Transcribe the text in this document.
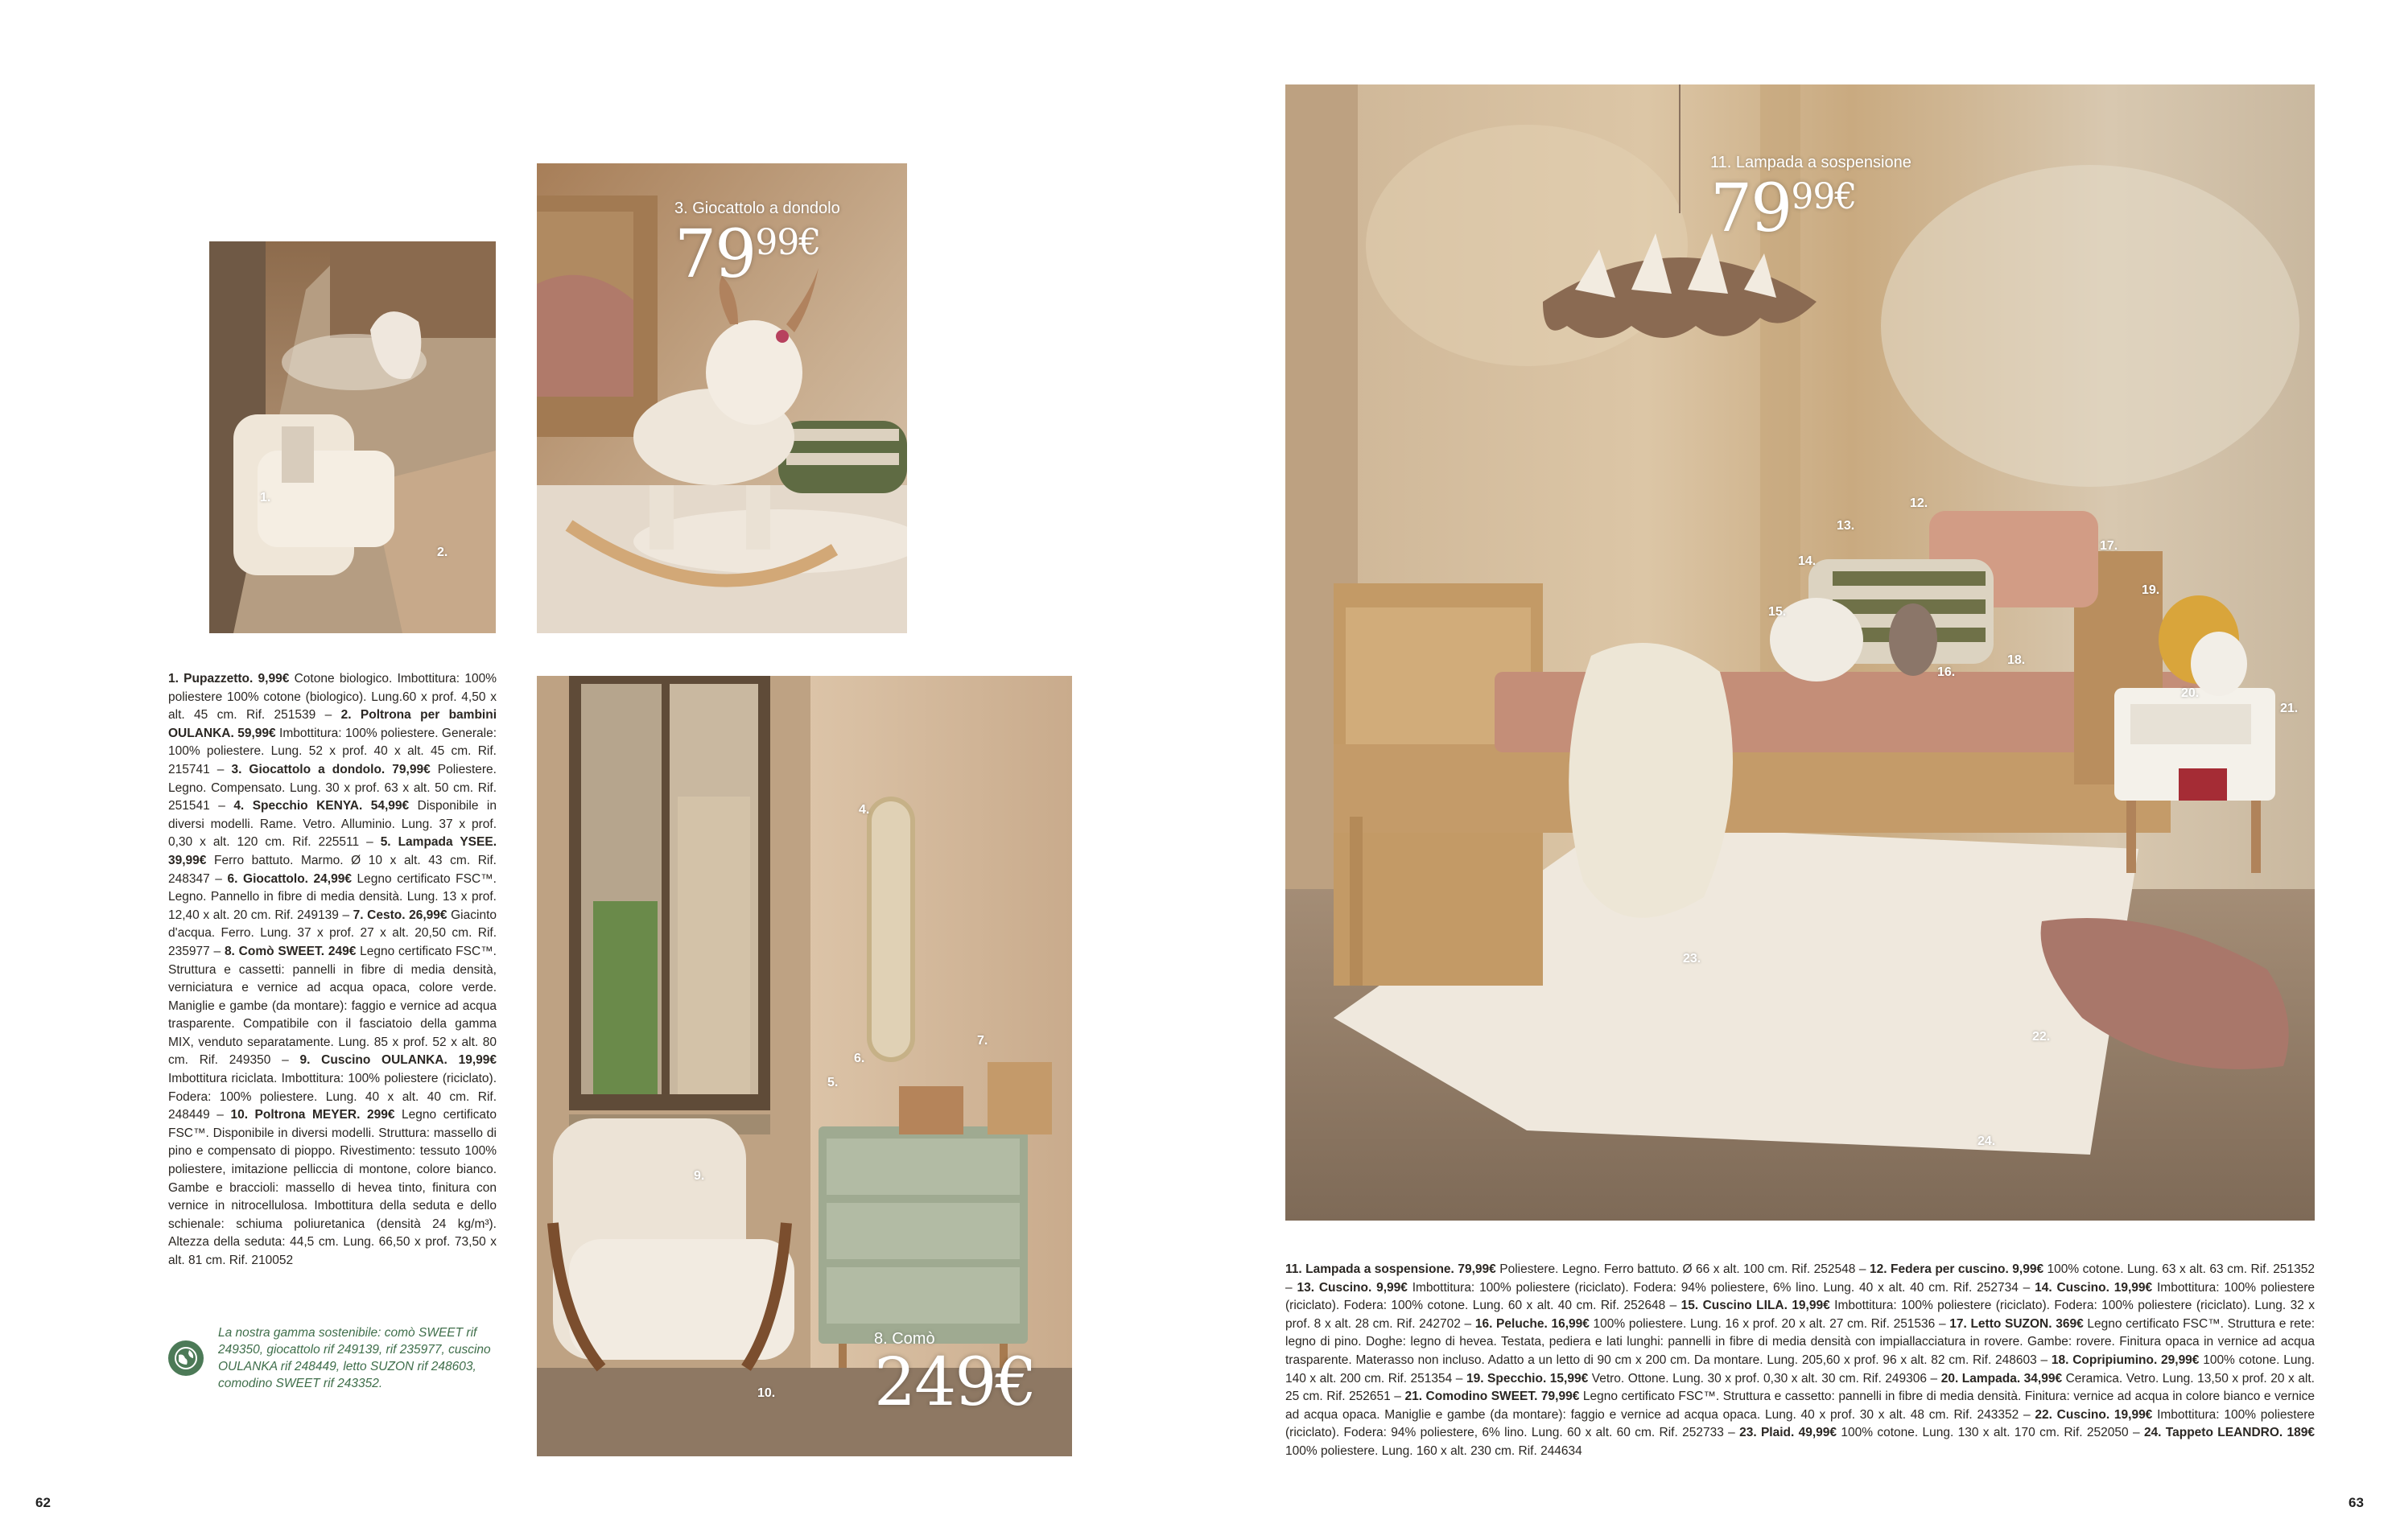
1.
2.
3. Giocattolo a dondolo
7999€
4.
5.
6.
7.
9.
10.
8. Comò
249€
1. Pupazzetto. 9,99€ Cotone biologico. Imbottitura: 100% poliestere 100% cotone (biologico). Lung.60 x prof. 4,50 x alt. 45 cm. Rif. 251539 – 2. Poltrona per bambini OULANKA. 59,99€ Imbottitura: 100% poliestere. Generale: 100% poliestere. Lung. 52 x prof. 40 x alt. 45 cm. Rif. 215741 – 3. Giocattolo a dondolo. 79,99€ Poliestere. Legno. Compensato. Lung. 30 x prof. 63 x alt. 50 cm. Rif. 251541 – 4. Specchio KENYA. 54,99€ Disponibile in diversi modelli. Rame. Vetro. Alluminio. Lung. 37 x prof. 0,30 x alt. 120 cm. Rif. 225511 – 5. Lampada YSEE. 39,99€ Ferro battuto. Marmo. Ø 10 x alt. 43 cm. Rif. 248347 – 6. Giocattolo. 24,99€ Legno certificato FSC™. Legno. Pannello in fibre di media densità. Lung. 13 x prof. 12,40 x alt. 20 cm. Rif. 249139 – 7. Cesto. 26,99€ Giacinto d'acqua. Ferro. Lung. 37 x prof. 27 x alt. 20,50 cm. Rif. 235977 – 8. Comò SWEET. 249€ Legno certificato FSC™. Struttura e cassetti: pannelli in fibre di media densità, verniciatura e vernice ad acqua opaca, colore verde. Maniglie e gambe (da montare): faggio e vernice ad acqua trasparente. Compatibile con il fasciatoio della gamma MIX, venduto separatamente. Lung. 85 x prof. 52 x alt. 80 cm. Rif. 249350 – 9. Cuscino OULANKA. 19,99€ Imbottitura riciclata. Imbottitura: 100% poliestere (riciclato). Fodera: 100% poliestere. Lung. 40 x alt. 40 cm. Rif. 248449 – 10. Poltrona MEYER. 299€ Legno certificato FSC™. Disponibile in diversi modelli. Struttura: massello di pino e compensato di pioppo. Rivestimento: tessuto 100% poliestere, imitazione pelliccia di montone, colore bianco. Gambe e braccioli: massello di hevea tinto, finitura con vernice in nitrocellulosa. Imbottitura della seduta e dello schienale: schiuma poliuretanica (densità 24 kg/m³). Altezza della seduta: 44,5 cm. Lung. 66,50 x prof. 73,50 x alt. 81 cm. Rif. 210052
La nostra gamma sostenibile: comò SWEET rif 249350, giocattolo rif 249139, rif 235977, cuscino OULANKA rif 248449, letto SUZON rif 248603, comodino SWEET rif 243352.
62
12.
13.
14.
15.
16.
17.
18.
19.
20.
21.
22.
23.
24.
11. Lampada a sospensione
7999€
11. Lampada a sospensione. 79,99€ Poliestere. Legno. Ferro battuto. Ø 66 x alt. 100 cm. Rif. 252548 – 12. Federa per cuscino. 9,99€ 100% cotone. Lung. 63 x alt. 63 cm. Rif. 251352 – 13. Cuscino. 9,99€ Imbottitura: 100% poliestere (riciclato). Fodera: 94% poliestere, 6% lino. Lung. 40 x alt. 40 cm. Rif. 252734 – 14. Cuscino. 19,99€ Imbottitura: 100% poliestere (riciclato). Fodera: 100% cotone. Lung. 60 x alt. 40 cm. Rif. 252648 – 15. Cuscino LILA. 19,99€ Imbottitura: 100% poliestere (riciclato). Fodera: 100% poliestere (riciclato). Lung. 32 x prof. 8 x alt. 28 cm. Rif. 242702 – 16. Peluche. 16,99€ 100% poliestere. Lung. 16 x prof. 20 x alt. 27 cm. Rif. 251536 – 17. Letto SUZON. 369€ Legno certificato FSC™. Struttura e rete: legno di pino. Doghe: legno di hevea. Testata, pediera e lati lunghi: pannelli in fibre di media densità con impiallacciatura in rovere. Gambe: rovere. Finitura opaca in vernice ad acqua trasparente. Materasso non incluso. Adatto a un letto di 90 cm x 200 cm. Da montare. Lung. 205,60 x prof. 96 x alt. 82 cm. Rif. 248603 – 18. Copripiumino. 29,99€ 100% cotone. Lung. 140 x alt. 200 cm. Rif. 251354 – 19. Specchio. 15,99€ Vetro. Ottone. Lung. 30 x prof. 0,30 x alt. 30 cm. Rif. 249306 – 20. Lampada. 34,99€ Ceramica. Vetro. Lung. 13,50 x prof. 20 x alt. 25 cm. Rif. 252651 – 21. Comodino SWEET. 79,99€ Legno certificato FSC™. Struttura e cassetto: pannelli in fibre di media densità. Finitura: vernice ad acqua in colore bianco e vernice ad acqua opaca. Maniglie e gambe (da montare): faggio e vernice ad acqua opaca. Lung. 40 x prof. 30 x alt. 48 cm. Rif. 243352 – 22. Cuscino. 19,99€ Imbottitura: 100% poliestere (riciclato). Fodera: 94% poliestere, 6% lino. Lung. 60 x alt. 60 cm. Rif. 252733 – 23. Plaid. 49,99€ 100% cotone. Lung. 130 x alt. 170 cm. Rif. 252050 – 24. Tappeto LEANDRO. 189€ 100% poliestere. Lung. 160 x alt. 230 cm. Rif. 244634
63
